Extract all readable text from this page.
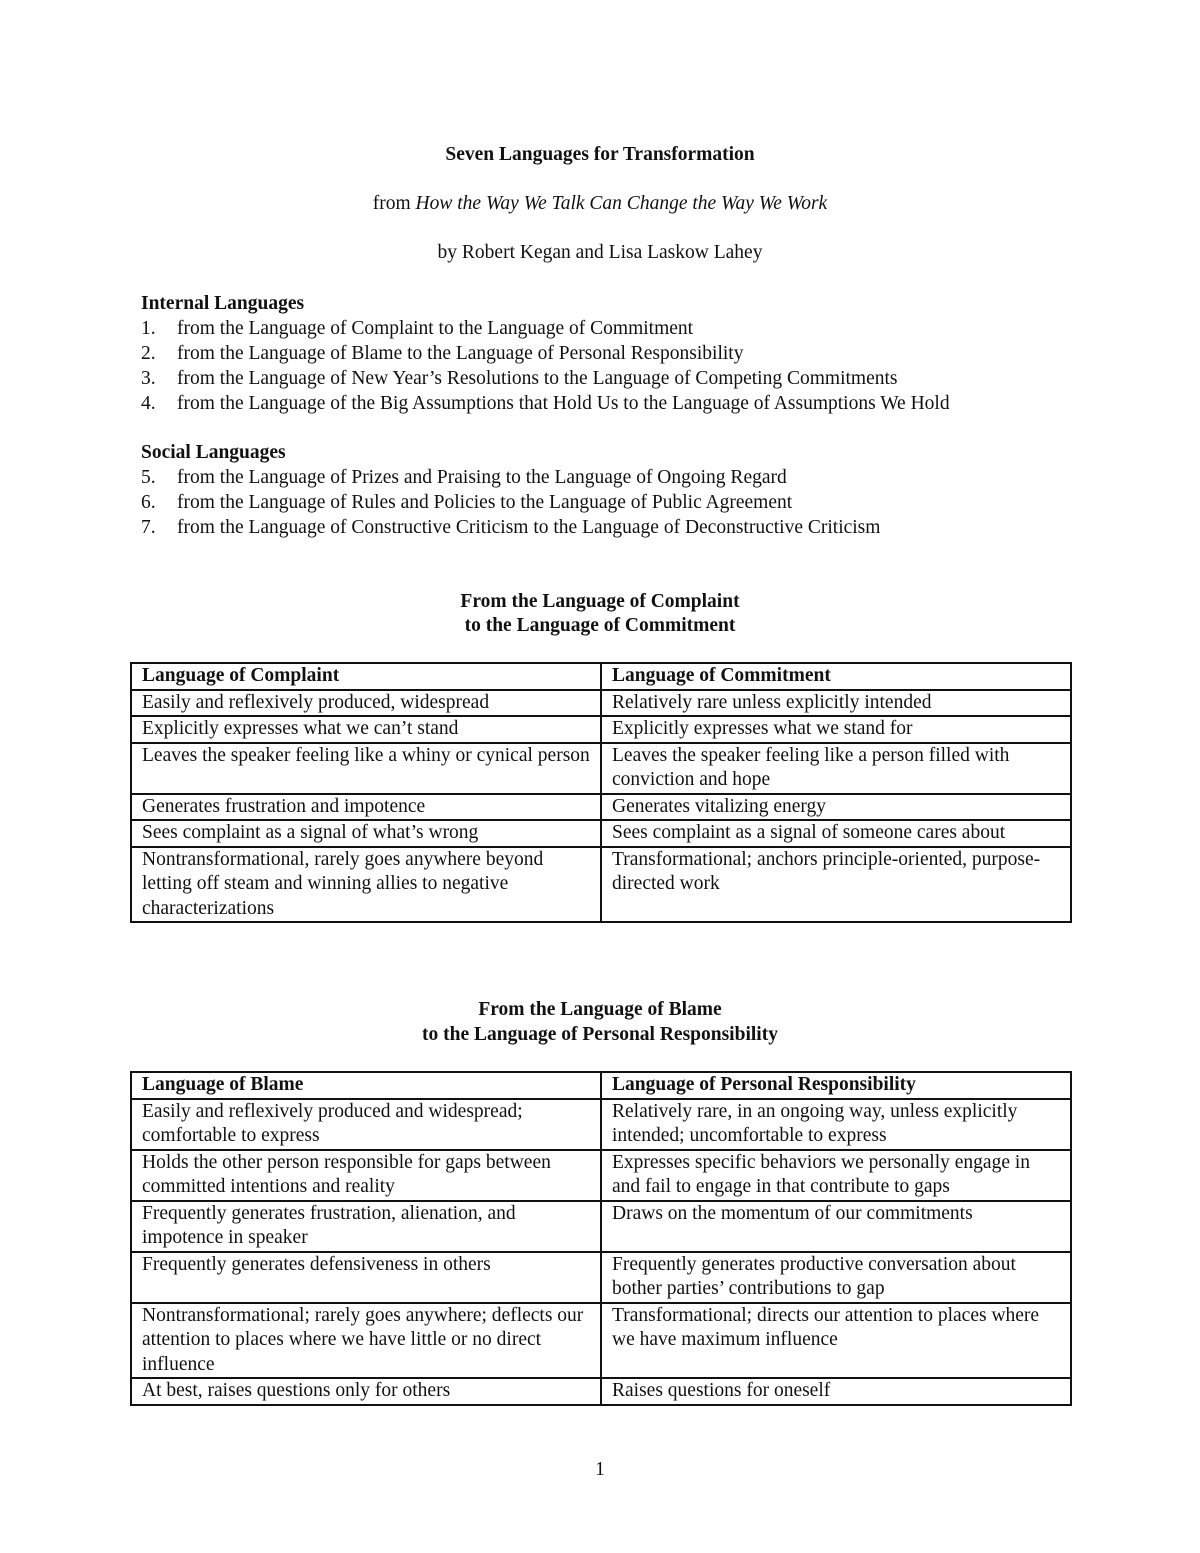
Seven Languages for Transformation
from How the Way We Talk Can Change the Way We Work
by Robert Kegan and Lisa Laskow Lahey
Internal Languages
1. from the Language of Complaint to the Language of Commitment
2. from the Language of Blame to the Language of Personal Responsibility
3. from the Language of New Year’s Resolutions to the Language of Competing Commitments
4. from the Language of the Big Assumptions that Hold Us to the Language of Assumptions We Hold
Social Languages
5. from the Language of Prizes and Praising to the Language of Ongoing Regard
6. from the Language of Rules and Policies to the Language of Public Agreement
7. from the Language of Constructive Criticism to the Language of Deconstructive Criticism
From the Language of Complaint
to the Language of Commitment
Language of Complaint	Language of Commitment
Easily and reflexively produced, widespread	Relatively rare unless explicitly intended
Explicitly expresses what we can’t stand	Explicitly expresses what we stand for
Leaves the speaker feeling like a whiny or cynical person	Leaves the speaker feeling like a person filled with conviction and hope
Generates frustration and impotence	Generates vitalizing energy
Sees complaint as a signal of what’s wrong	Sees complaint as a signal of someone cares about
Nontransformational, rarely goes anywhere beyond letting off steam and winning allies to negative characterizations	Transformational; anchors principle-oriented, purpose-directed work
From the Language of Blame
to the Language of Personal Responsibility
Language of Blame	Language of Personal Responsibility
Easily and reflexively produced and widespread; comfortable to express	Relatively rare, in an ongoing way, unless explicitly intended; uncomfortable to express
Holds the other person responsible for gaps between committed intentions and reality	Expresses specific behaviors we personally engage in and fail to engage in that contribute to gaps
Frequently generates frustration, alienation, and impotence in speaker	Draws on the momentum of our commitments
Frequently generates defensiveness in others	Frequently generates productive conversation about bother parties’ contributions to gap
Nontransformational; rarely goes anywhere; deflects our attention to places where we have little or no direct influence	Transformational; directs our attention to places where we have maximum influence
At best, raises questions only for others	Raises questions for oneself
1
